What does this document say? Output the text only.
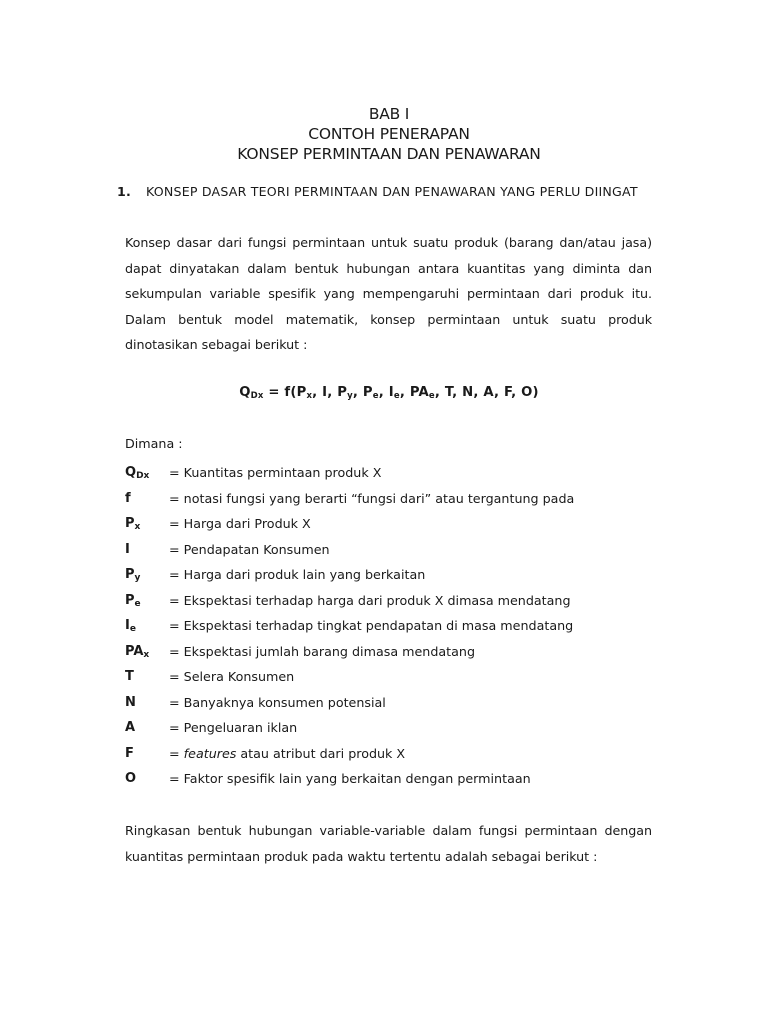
BAB I
CONTOH PENERAPAN
KONSEP PERMINTAAN DAN PENAWARAN
1.	KONSEP DASAR TEORI PERMINTAAN DAN PENAWARAN YANG PERLU DIINGAT
Konsep dasar dari fungsi permintaan untuk suatu produk (barang dan/atau jasa) dapat dinyatakan dalam bentuk hubungan antara kuantitas yang diminta dan sekumpulan variable spesifik yang mempengaruhi permintaan dari produk itu. Dalam bentuk model matematik, konsep permintaan untuk suatu produk dinotasikan sebagai berikut :
$Q_{Dx} = f(P_x$, I, $P_y$, $P_e$, $I_e$, $PA_e$, T, N, A, F, O)
Dimana :
$Q_{Dx}$ = Kuantitas permintaan produk X
f	= notasi fungsi yang berarti “fungsi dari” atau tergantung pada
$P_x$ = Harga dari Produk X
I	= Pendapatan Konsumen
$P_y$ = Harga dari produk lain yang berkaitan
$P_e$ = Ekspektasi terhadap harga dari produk X dimasa mendatang
$I_e$	= Ekspektasi terhadap tingkat pendapatan di masa mendatang
$PA_x$ = Ekspektasi jumlah barang dimasa mendatang
T	= Selera Konsumen
N	= Banyaknya konsumen potensial
A	= Pengeluaran iklan
F	= features atau atribut dari produk X
O	= Faktor spesifik lain yang berkaitan dengan permintaan
Ringkasan bentuk hubungan variable-variable dalam fungsi permintaan dengan kuantitas permintaan produk pada waktu tertentu adalah sebagai berikut :
